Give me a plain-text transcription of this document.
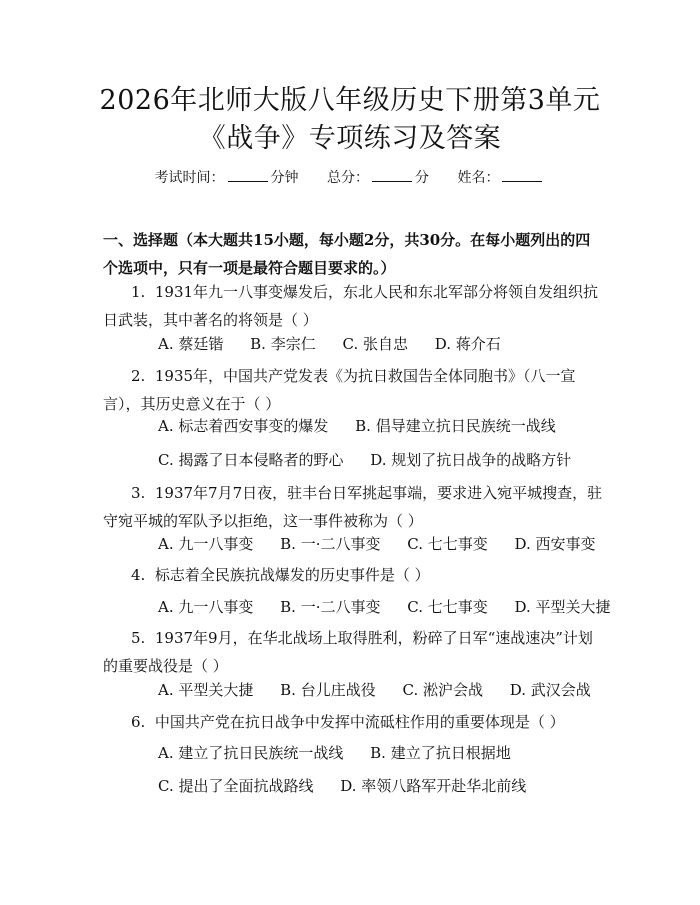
2026年北师大版八年级历史下册第3单元
《战争》专项练习及答案
考试时间：	分钟 总分：	分 姓名：
一、选择题（本大题共15小题，每小题2分，共30分。在每小题列出的四个选项中，只有一项是最符合题目要求的。）
1. 1931年九一八事变爆发后，东北人民和东北军部分将领自发组织抗日武装，其中著名的将领是（ ）
A. 蔡廷锴 B. 李宗仁 C. 张自忠 D. 蒋介石
2. 1935年，中国共产党发表《为抗日救国告全体同胞书》（八一宣言），其历史意义在于（ ）
A. 标志着西安事变的爆发 B. 倡导建立抗日民族统一战线
C. 揭露了日本侵略者的野心 D. 规划了抗日战争的战略方针
3. 1937年7月7日夜，驻丰台日军挑起事端，要求进入宛平城搜查，驻守宛平城的军队予以拒绝，这一事件被称为（ ）
A. 九一八事变 B. 一·二八事变 C. 七七事变 D. 西安事变
4. 标志着全民族抗战爆发的历史事件是（ ）
A. 九一八事变 B. 一·二八事变 C. 七七事变 D. 平型关大捷
5. 1937年9月，在华北战场上取得胜利，粉碎了日军“速战速决”计划的重要战役是（ ）
A. 平型关大捷 B. 台儿庄战役 C. 淞沪会战 D. 武汉会战
6. 中国共产党在抗日战争中发挥中流砥柱作用的重要体现是（ ）
A. 建立了抗日民族统一战线 B. 建立了抗日根据地
C. 提出了全面抗战路线 D. 率领八路军开赴华北前线
